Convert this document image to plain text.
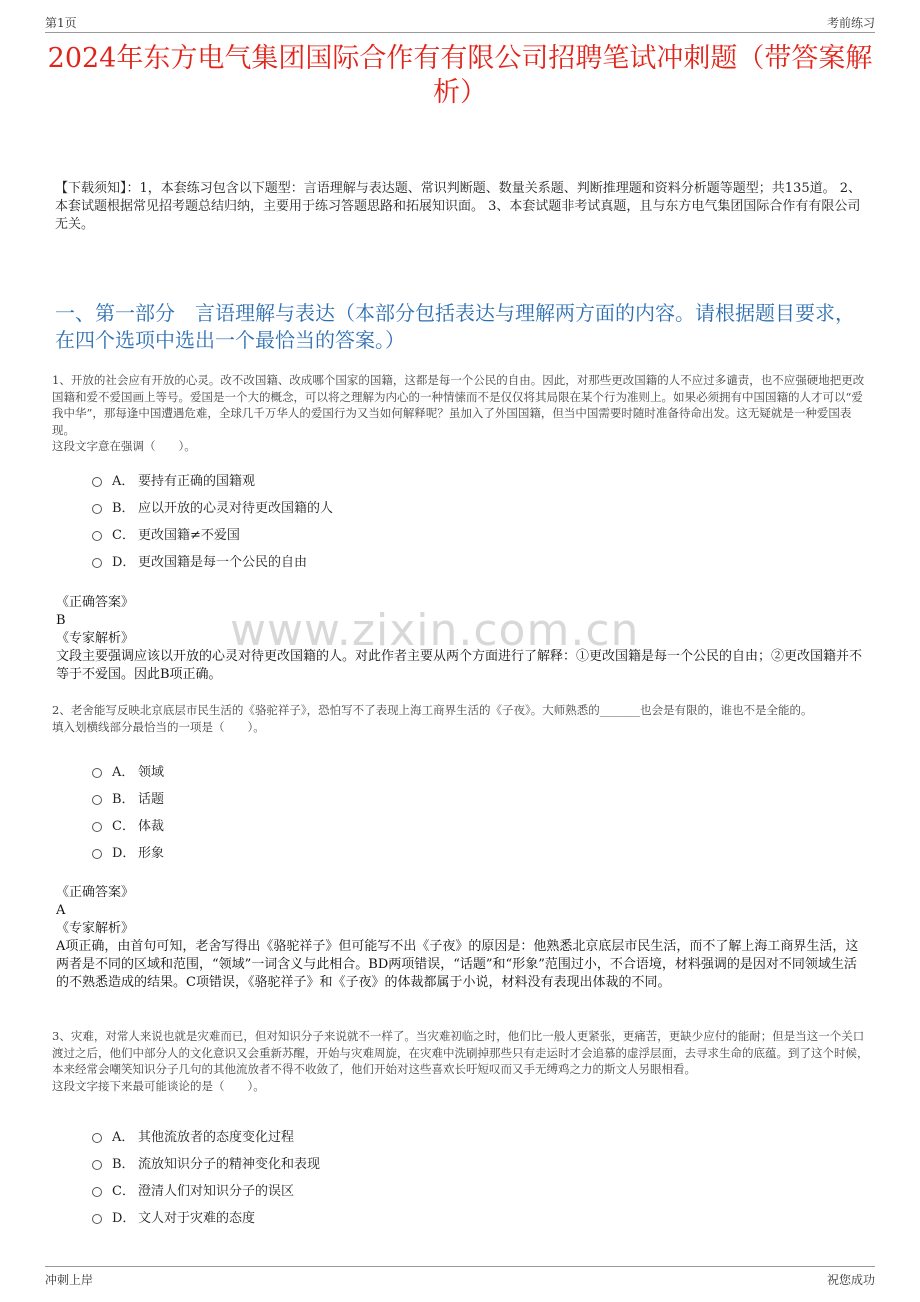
第1页	考前练习
2024年东方电气集团国际合作有有限公司招聘笔试冲刺题（带答案解析）
【下载须知】：1，本套练习包含以下题型：言语理解与表达题、常识判断题、数量关系题、判断推理题和资料分析题等题型；共135道。 2、本套试题根据常见招考题总结归纳，主要用于练习答题思路和拓展知识面。 3、本套试题非考试真题，且与东方电气集团国际合作有有限公司无关。
一、第一部分　言语理解与表达（本部分包括表达与理解两方面的内容。请根据题目要求，在四个选项中选出一个最恰当的答案。）
1、开放的社会应有开放的心灵。改不改国籍、改成哪个国家的国籍，这都是每一个公民的自由。因此，对那些更改国籍的人不应过多谴责，也不应强硬地把更改国籍和爱不爱国画上等号。爱国是一个大的概念，可以将之理解为内心的一种情愫而不是仅仅将其局限在某个行为准则上。如果必须拥有中国国籍的人才可以“爱我中华”，那每逢中国遭遇危难，全球几千万华人的爱国行为又当如何解释呢？虽加入了外国国籍，但当中国需要时随时准备待命出发。这无疑就是一种爱国表现。
这段文字意在强调（　　）。
A． 要持有正确的国籍观
B． 应以开放的心灵对待更改国籍的人
C． 更改国籍≠不爱国
D． 更改国籍是每一个公民的自由

《正确答案》

B

《专家解析》

文段主要强调应该以开放的心灵对待更改国籍的人。对此作者主要从两个方面进行了解释：①更改国籍是每一个公民的自由；②更改国籍并不等于不爱国。因此B项正确。

2、老舍能写反映北京底层市民生活的《骆驼祥子》，恐怕写不了表现上海工商界生活的《子夜》。大师熟悉的_______也会是有限的，谁也不是全能的。
填入划横线部分最恰当的一项是（　　）。
A． 领域
B． 话题
C． 体裁
D． 形象

《正确答案》

A

《专家解析》

A项正确，由首句可知，老舍写得出《骆驼祥子》但可能写不出《子夜》的原因是：他熟悉北京底层市民生活，而不了解上海工商界生活，这两者是不同的区域和范围，“领域”一词含义与此相合。BD两项错误，“话题”和“形象”范围过小，不合语境，材料强调的是因对不同领域生活的不熟悉造成的结果。C项错误，《骆驼祥子》和《子夜》的体裁都属于小说，材料没有表现出体裁的不同。

3、灾难，对常人来说也就是灾难而已，但对知识分子来说就不一样了。当灾难初临之时，他们比一般人更紧张，更痛苦，更缺少应付的能耐；但是当这一个关口渡过之后，他们中部分人的文化意识又会重新苏醒，开始与灾难周旋，在灾难中洗刷掉那些只有走运时才会追慕的虚浮层面，去寻求生命的底蕴。到了这个时候，本来经常会嘲笑知识分子几句的其他流放者不得不收敛了，他们开始对这些喜欢长吁短叹而又手无缚鸡之力的斯文人另眼相看。
这段文字接下来最可能谈论的是（　　）。
A． 其他流放者的态度变化过程
B． 流放知识分子的精神变化和表现
C． 澄清人们对知识分子的误区
D． 文人对于灾难的态度
www.zixin.com.cn
冲刺上岸	祝您成功
